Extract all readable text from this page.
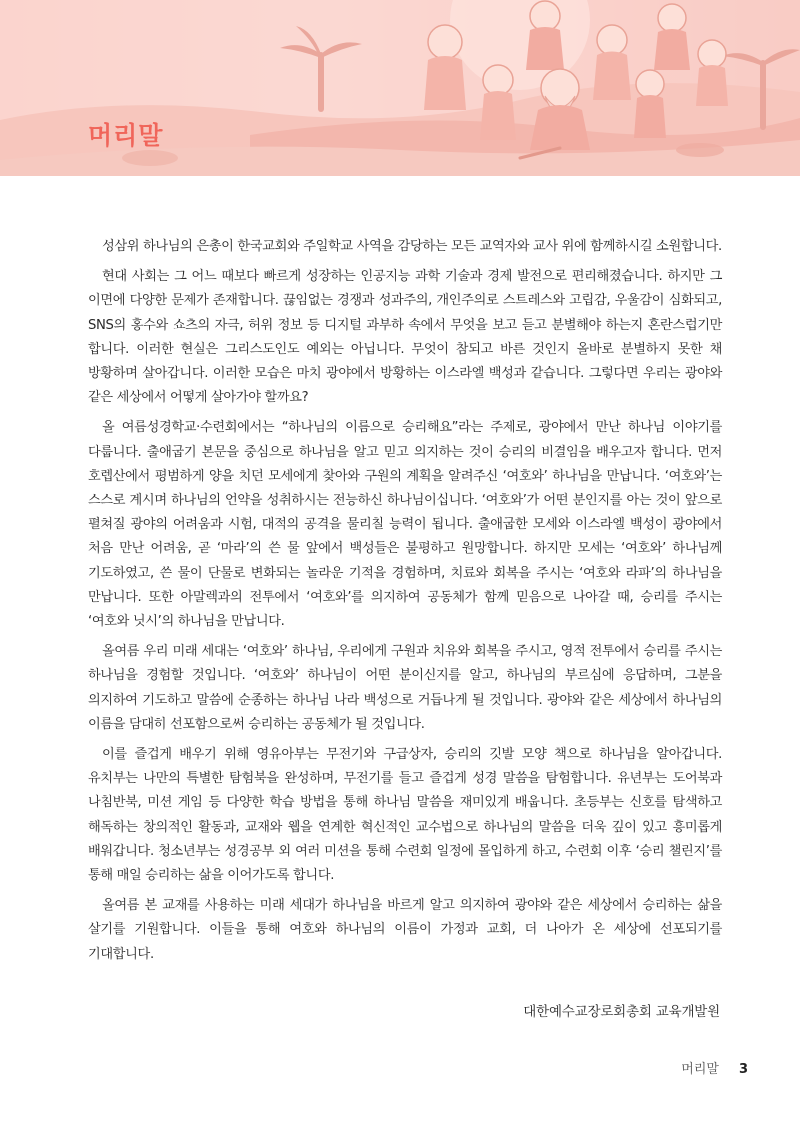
머리말

성삼위 하나님의 은총이 한국교회와 주일학교 사역을 감당하는 모든 교역자와 교사 위에 함께하시길 소원합니다.

현대 사회는 그 어느 때보다 빠르게 성장하는 인공지능 과학 기술과 경제 발전으로 편리해졌습니다. 하지만 그 이면에 다양한 문제가 존재합니다. 끊임없는 경쟁과 성과주의, 개인주의로 스트레스와 고립감, 우울감이 심화되고, SNS의 홍수와 쇼츠의 자극, 허위 정보 등 디지털 과부하 속에서 무엇을 보고 듣고 분별해야 하는지 혼란스럽기만 합니다. 이러한 현실은 그리스도인도 예외는 아닙니다. 무엇이 참되고 바른 것인지 올바로 분별하지 못한 채 방황하며 살아갑니다. 이러한 모습은 마치 광야에서 방황하는 이스라엘 백성과 같습니다. 그렇다면 우리는 광야와 같은 세상에서 어떻게 살아가야 할까요?

올 여름성경학교·수련회에서는 “하나님의 이름으로 승리해요”라는 주제로, 광야에서 만난 하나님 이야기를 다룹니다. 출애굽기 본문을 중심으로 하나님을 알고 믿고 의지하는 것이 승리의 비결임을 배우고자 합니다. 먼저 호렙산에서 평범하게 양을 치던 모세에게 찾아와 구원의 계획을 알려주신 ‘여호와’ 하나님을 만납니다. ‘여호와’는 스스로 계시며 하나님의 언약을 성취하시는 전능하신 하나님이십니다. ‘여호와’가 어떤 분인지를 아는 것이 앞으로 펼쳐질 광야의 어려움과 시험, 대적의 공격을 물리칠 능력이 됩니다. 출애굽한 모세와 이스라엘 백성이 광야에서 처음 만난 어려움, 곧 ‘마라’의 쓴 물 앞에서 백성들은 불평하고 원망합니다. 하지만 모세는 ‘여호와’ 하나님께 기도하였고, 쓴 물이 단물로 변화되는 놀라운 기적을 경험하며, 치료와 회복을 주시는 ‘여호와 라파’의 하나님을 만납니다. 또한 아말렉과의 전투에서 ‘여호와’를 의지하여 공동체가 함께 믿음으로 나아갈 때, 승리를 주시는 ‘여호와 닛시’의 하나님을 만납니다.

올여름 우리 미래 세대는 ‘여호와’ 하나님, 우리에게 구원과 치유와 회복을 주시고, 영적 전투에서 승리를 주시는 하나님을 경험할 것입니다. ‘여호와’ 하나님이 어떤 분이신지를 알고, 하나님의 부르심에 응답하며, 그분을 의지하여 기도하고 말씀에 순종하는 하나님 나라 백성으로 거듭나게 될 것입니다. 광야와 같은 세상에서 하나님의 이름을 담대히 선포함으로써 승리하는 공동체가 될 것입니다.

이를 즐겁게 배우기 위해 영유아부는 무전기와 구급상자, 승리의 깃발 모양 책으로 하나님을 알아갑니다. 유치부는 나만의 특별한 탐험북을 완성하며, 무전기를 들고 즐겁게 성경 말씀을 탐험합니다. 유년부는 도어북과 나침반북, 미션 게임 등 다양한 학습 방법을 통해 하나님 말씀을 재미있게 배웁니다. 초등부는 신호를 탐색하고 해독하는 창의적인 활동과, 교재와 웹을 연계한 혁신적인 교수법으로 하나님의 말씀을 더욱 깊이 있고 흥미롭게 배워갑니다. 청소년부는 성경공부 외 여러 미션을 통해 수련회 일정에 몰입하게 하고, 수련회 이후 ‘승리 챌린지’를 통해 매일 승리하는 삶을 이어가도록 합니다.

올여름 본 교재를 사용하는 미래 세대가 하나님을 바르게 알고 의지하여 광야와 같은 세상에서 승리하는 삶을 살기를 기원합니다. 이들을 통해 여호와 하나님의 이름이 가정과 교회, 더 나아가 온 세상에 선포되기를 기대합니다.

대한예수교장로회총회 교육개발원

머리말 3
